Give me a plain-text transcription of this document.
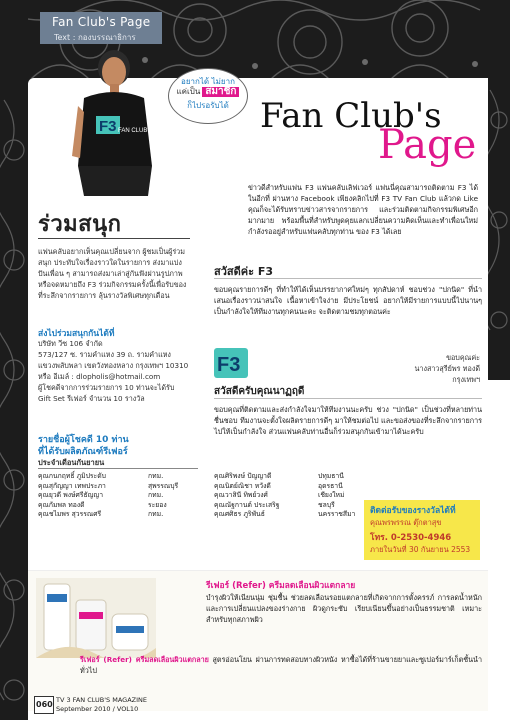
Fan Club's Page
Text : กองบรรณาธิการ
F3 FAN CLUB'S
อยากได้ ไม่ยาก
แค่เป็น สมาชิก
ก็ไปรอรับได้ Fan Club's
Page
ข่าวดีสำหรับแฟน F3 แฟนคลับเลิฟเวอร์ แฟนนี่คุณสามารถติดตาม F3 ได้ในอีกที่ ผ่านทาง Facebook เพียงคลิกไปที่ F3 TV Fan Club แล้วกด Like คุณก็จะได้รับทราบข่าวสารจากรายการ และร่วมติดตามกิจกรรมพิเศษอีกมากมาย พร้อมพื้นที่สำหรับพูดคุยแลกเปลี่ยนความคิดเห็นและทำเพื่อนใหม่ กำลังรออยู่สำหรับแฟนคลับทุกท่าน ของ F3 ได้เลย
ร่วมสนุก
แฟนคลับอยากเห็นคุณเปลี่ยนจาก ผู้ชมเป็นผู้ร่วมสนุก ประทับใจเรื่องราวใดในรายการ ส่งมาแบ่งปันเพื่อน ๆ สามารถส่งมาเล่าสู่กันฟังผ่านรูปภาพ หรือจดหมายถึง F3 ร่วมกิจกรรมครั้งนี้เพื่อรับของที่ระลึกจากรายการ ลุ้นรางวัลพิเศษทุกเดือน
ส่งไปร่วมสนุกกันได้ที่
บริษัท วีซ 106 จำกัด
573/127 ซ. รามคำแหง 39 ถ. รามคำแหง
แขวงพลับพลา เขตวังทองหลาง กรุงเทพฯ 10310
หรือ อีเมล์ : dlopholis@hotmail.com
ผู้โชคดีจากการร่วมรายการ 10 ท่านจะได้รับ
Gift Set รีเฟอร์ จำนวน 10 รางวัล
รายชื่อผู้โชคดี 10 ท่าน
ที่ได้รับผลิตภัณฑ์รีเฟอร์
ประจำเดือนกันยายน
คุณกนกฤทธิ์ ภูมิประดับ
คุณสุกัญญา เทพประภา
คุณยุวดี พงษ์ศรีธัญญา
คุณกัมพล ทองดี
คุณชไมพร สุวรรณศรี
กทม.
สุพรรณบุรี
กทม.
ระยอง
กทม.
คุณศิริพงษ์ ปัญญาดี
คุณนิตย์ณิชา หวังดี
คุณวาสินี ทิพย์วงศ์
คุณณัฐกานต์ ประเสริฐ
คุณศศิธร ภูริพันธ์
ปทุมธานี
อุดรธานี
เชียงใหม่
ชลบุรี
นครราชสีมา
สวัสดีค่ะ F3
ขอบคุณรายการดีๆ ที่ทำให้ได้เห็นบรรยากาศใหม่ๆ ทุกสัปดาห์ ชอบช่วง "ปกนิด" ที่นำเสนอเรื่องราวน่าสนใจ เนื้อหาเข้าใจง่าย มีประโยชน์ อยากให้มีรายการแบบนี้ไปนานๆ เป็นกำลังใจให้ทีมงานทุกคนนะคะ จะติดตามชมทุกตอนค่ะ
ขอบคุณค่ะ
นางสาวสุรีย์พร ทองดี
กรุงเทพฯ
F3
สวัสดีครับคุณนาฏฤดี
ขอบคุณที่ติดตามและส่งกำลังใจมาให้ทีมงานนะครับ ช่วง "ปกนิด" เป็นช่วงที่หลายท่านชื่นชอบ ทีมงานจะตั้งใจผลิตรายการดีๆ มาให้ชมต่อไป และขอส่งของที่ระลึกจากรายการไปให้เป็นกำลังใจ ส่วนแฟนคลับท่านอื่นก็ร่วมสนุกกันเข้ามาได้นะครับ
ติดต่อรับของรางวัลได้ที่
คุณพรพรรณ ตุ๊กตาสุข
โทร. 0-2530-4946
ภายในวันที่ 30 กันยายน 2553
รีเฟอร์ (Refer) ครีมลดเลือนผิวแตกลาย
บำรุงผิวให้เนียนนุ่ม ชุ่มชื้น ช่วยลดเลือนรอยแตกลายที่เกิดจากการตั้งครรภ์ การลดน้ำหนัก และการเปลี่ยนแปลงของร่างกาย ผิวดูกระชับ เรียบเนียนขึ้นอย่างเป็นธรรมชาติ เหมาะสำหรับทุกสภาพผิว
รีเฟอร์ (Refer) ครีมลดเลือนผิวแตกลาย สูตรอ่อนโยน ผ่านการทดสอบทางผิวหนัง หาซื้อได้ที่ร้านขายยาและซูเปอร์มาร์เก็ตชั้นนำทั่วไป
060 TV 3 FAN CLUB'S MAGAZINE
September 2010 / VOL10
